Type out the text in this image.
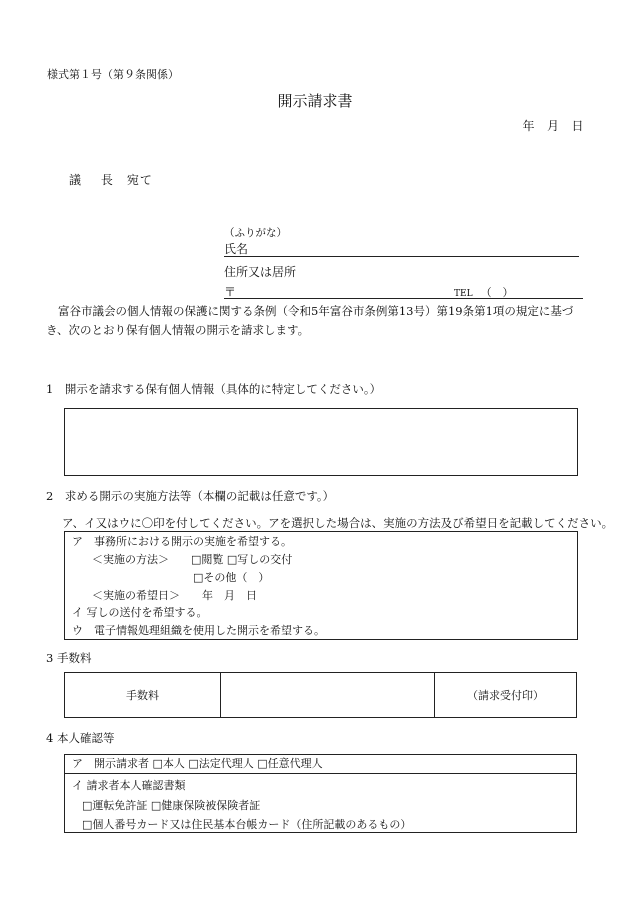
様式第１号（第９条関係）
開示請求書
年 月 日
議 長 宛て
（ふりがな）
氏名
住所又は居所
〒	TEL （　）
富谷市議会の個人情報の保護に関する条例（令和5年富谷市条例第13号）第19条第1項の規定に基づき、次のとおり保有個人情報の開示を請求します。
1　開示を請求する保有個人情報（具体的に特定してください。）
2　求める開示の実施方法等（本欄の記載は任意です。）
ア、イ又はウに〇印を付してください。アを選択した場合は、実施の方法及び希望日を記載してください。
ア　事務所における開示の実施を希望する。
＜実施の方法＞　　□閲覧 □写しの交付
□その他（　）
＜実施の希望日＞　　年　月　日
イ 写しの送付を希望する。
ウ　電子情報処理組織を使用した開示を希望する。
3 手数料
手数料	（請求受付印）
4 本人確認等
ア　開示請求者 □本人 □法定代理人 □任意代理人
イ 請求者本人確認書類
□運転免許証 □健康保険被保険者証
□個人番号カード又は住民基本台帳カード（住所記載のあるもの）
